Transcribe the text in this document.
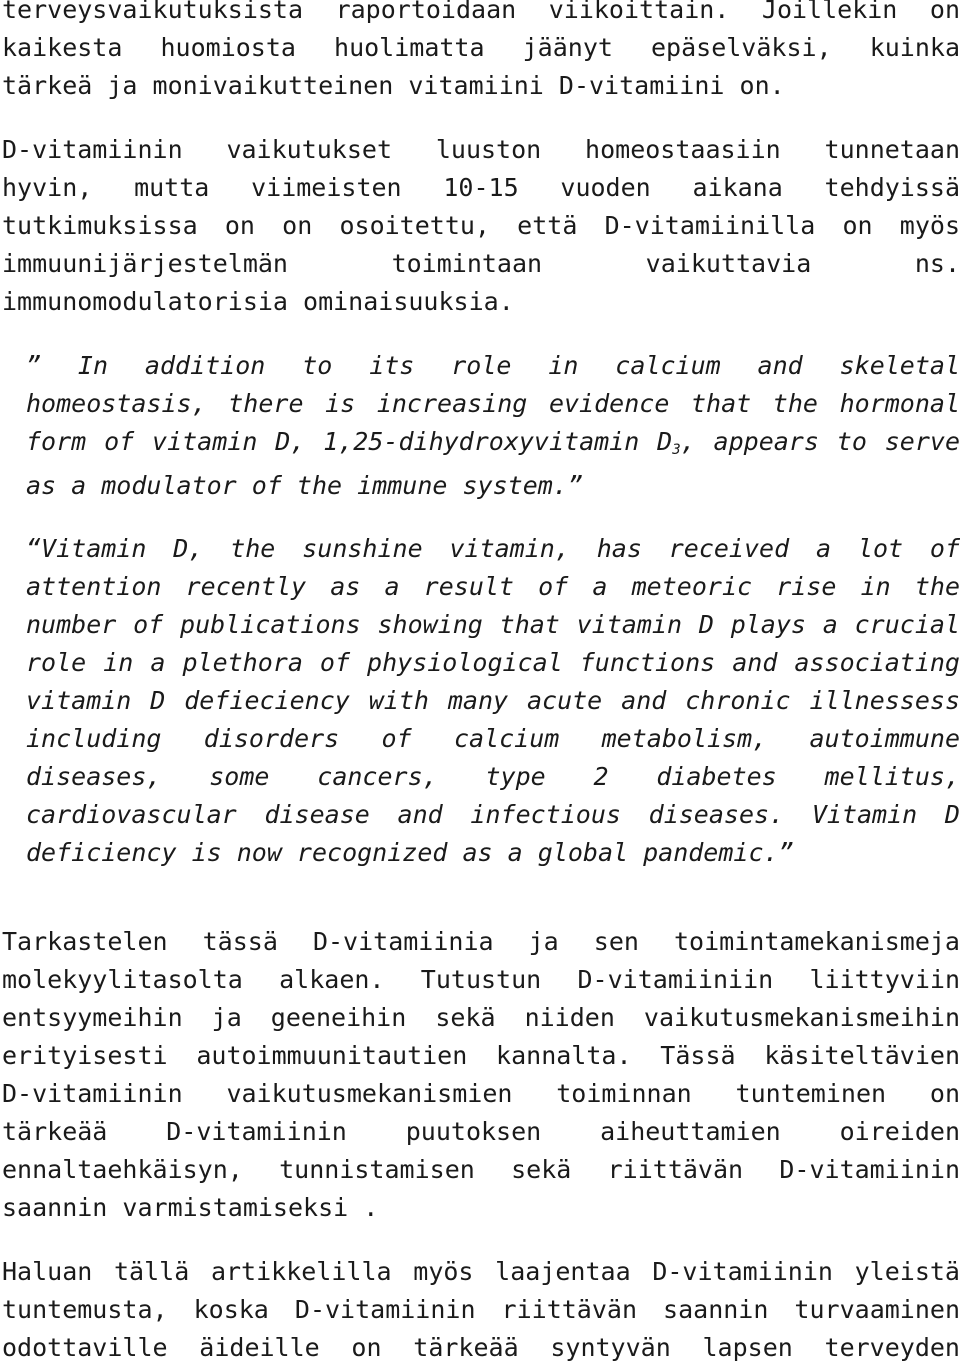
terveysvaikutuksista raportoidaan viikoittain. Joillekin on
kaikesta huomiosta huolimatta jäänyt epäselväksi, kuinka
tärkeä ja monivaikutteinen vitamiini D-vitamiini on.

D-vitamiinin vaikutukset luuston homeostaasiin tunnetaan
hyvin, mutta viimeisten 10-15 vuoden aikana tehdyissä
tutkimuksissa on on osoitettu, että D-vitamiinilla on myös
immuunijärjestelmän toimintaan vaikuttavia ns.
immunomodulatorisia ominaisuuksia.

” In addition to its role in calcium and skeletal
homeostasis, there is increasing evidence that the hormonal
form of vitamin D, 1,25-dihydroxyvitamin $D_3$, appears to serve
as a modulator of the immune system.”
“Vitamin D, the sunshine vitamin, has received a lot of
attention recently as a result of a meteoric rise in the
number of publications showing that vitamin D plays a crucial
role in a plethora of physiological functions and associating
vitamin D defieciency with many acute and chronic illnessess
including disorders of calcium metabolism, autoimmune
diseases, some cancers, type 2 diabetes mellitus,
cardiovascular disease and infectious diseases. Vitamin D
deficiency is now recognized as a global pandemic.”

Tarkastelen tässä D-vitamiinia ja sen toimintamekanismeja
molekyylitasolta alkaen. Tutustun D-vitamiiniin liittyviin
entsyymeihin ja geeneihin sekä niiden vaikutusmekanismeihin
erityisesti autoimmuunitautien kannalta. Tässä käsiteltävien
D-vitamiinin vaikutusmekanismien toiminnan tunteminen on
tärkeää D-vitamiinin puutoksen aiheuttamien oireiden
ennaltaehkäisyn, tunnistamisen sekä riittävän D-vitamiinin
saannin varmistamiseksi .

Haluan tällä artikkelilla myös laajentaa D-vitamiinin yleistä
tuntemusta, koska D-vitamiinin riittävän saannin turvaaminen
odottaville äideille on tärkeää syntyvän lapsen terveyden
